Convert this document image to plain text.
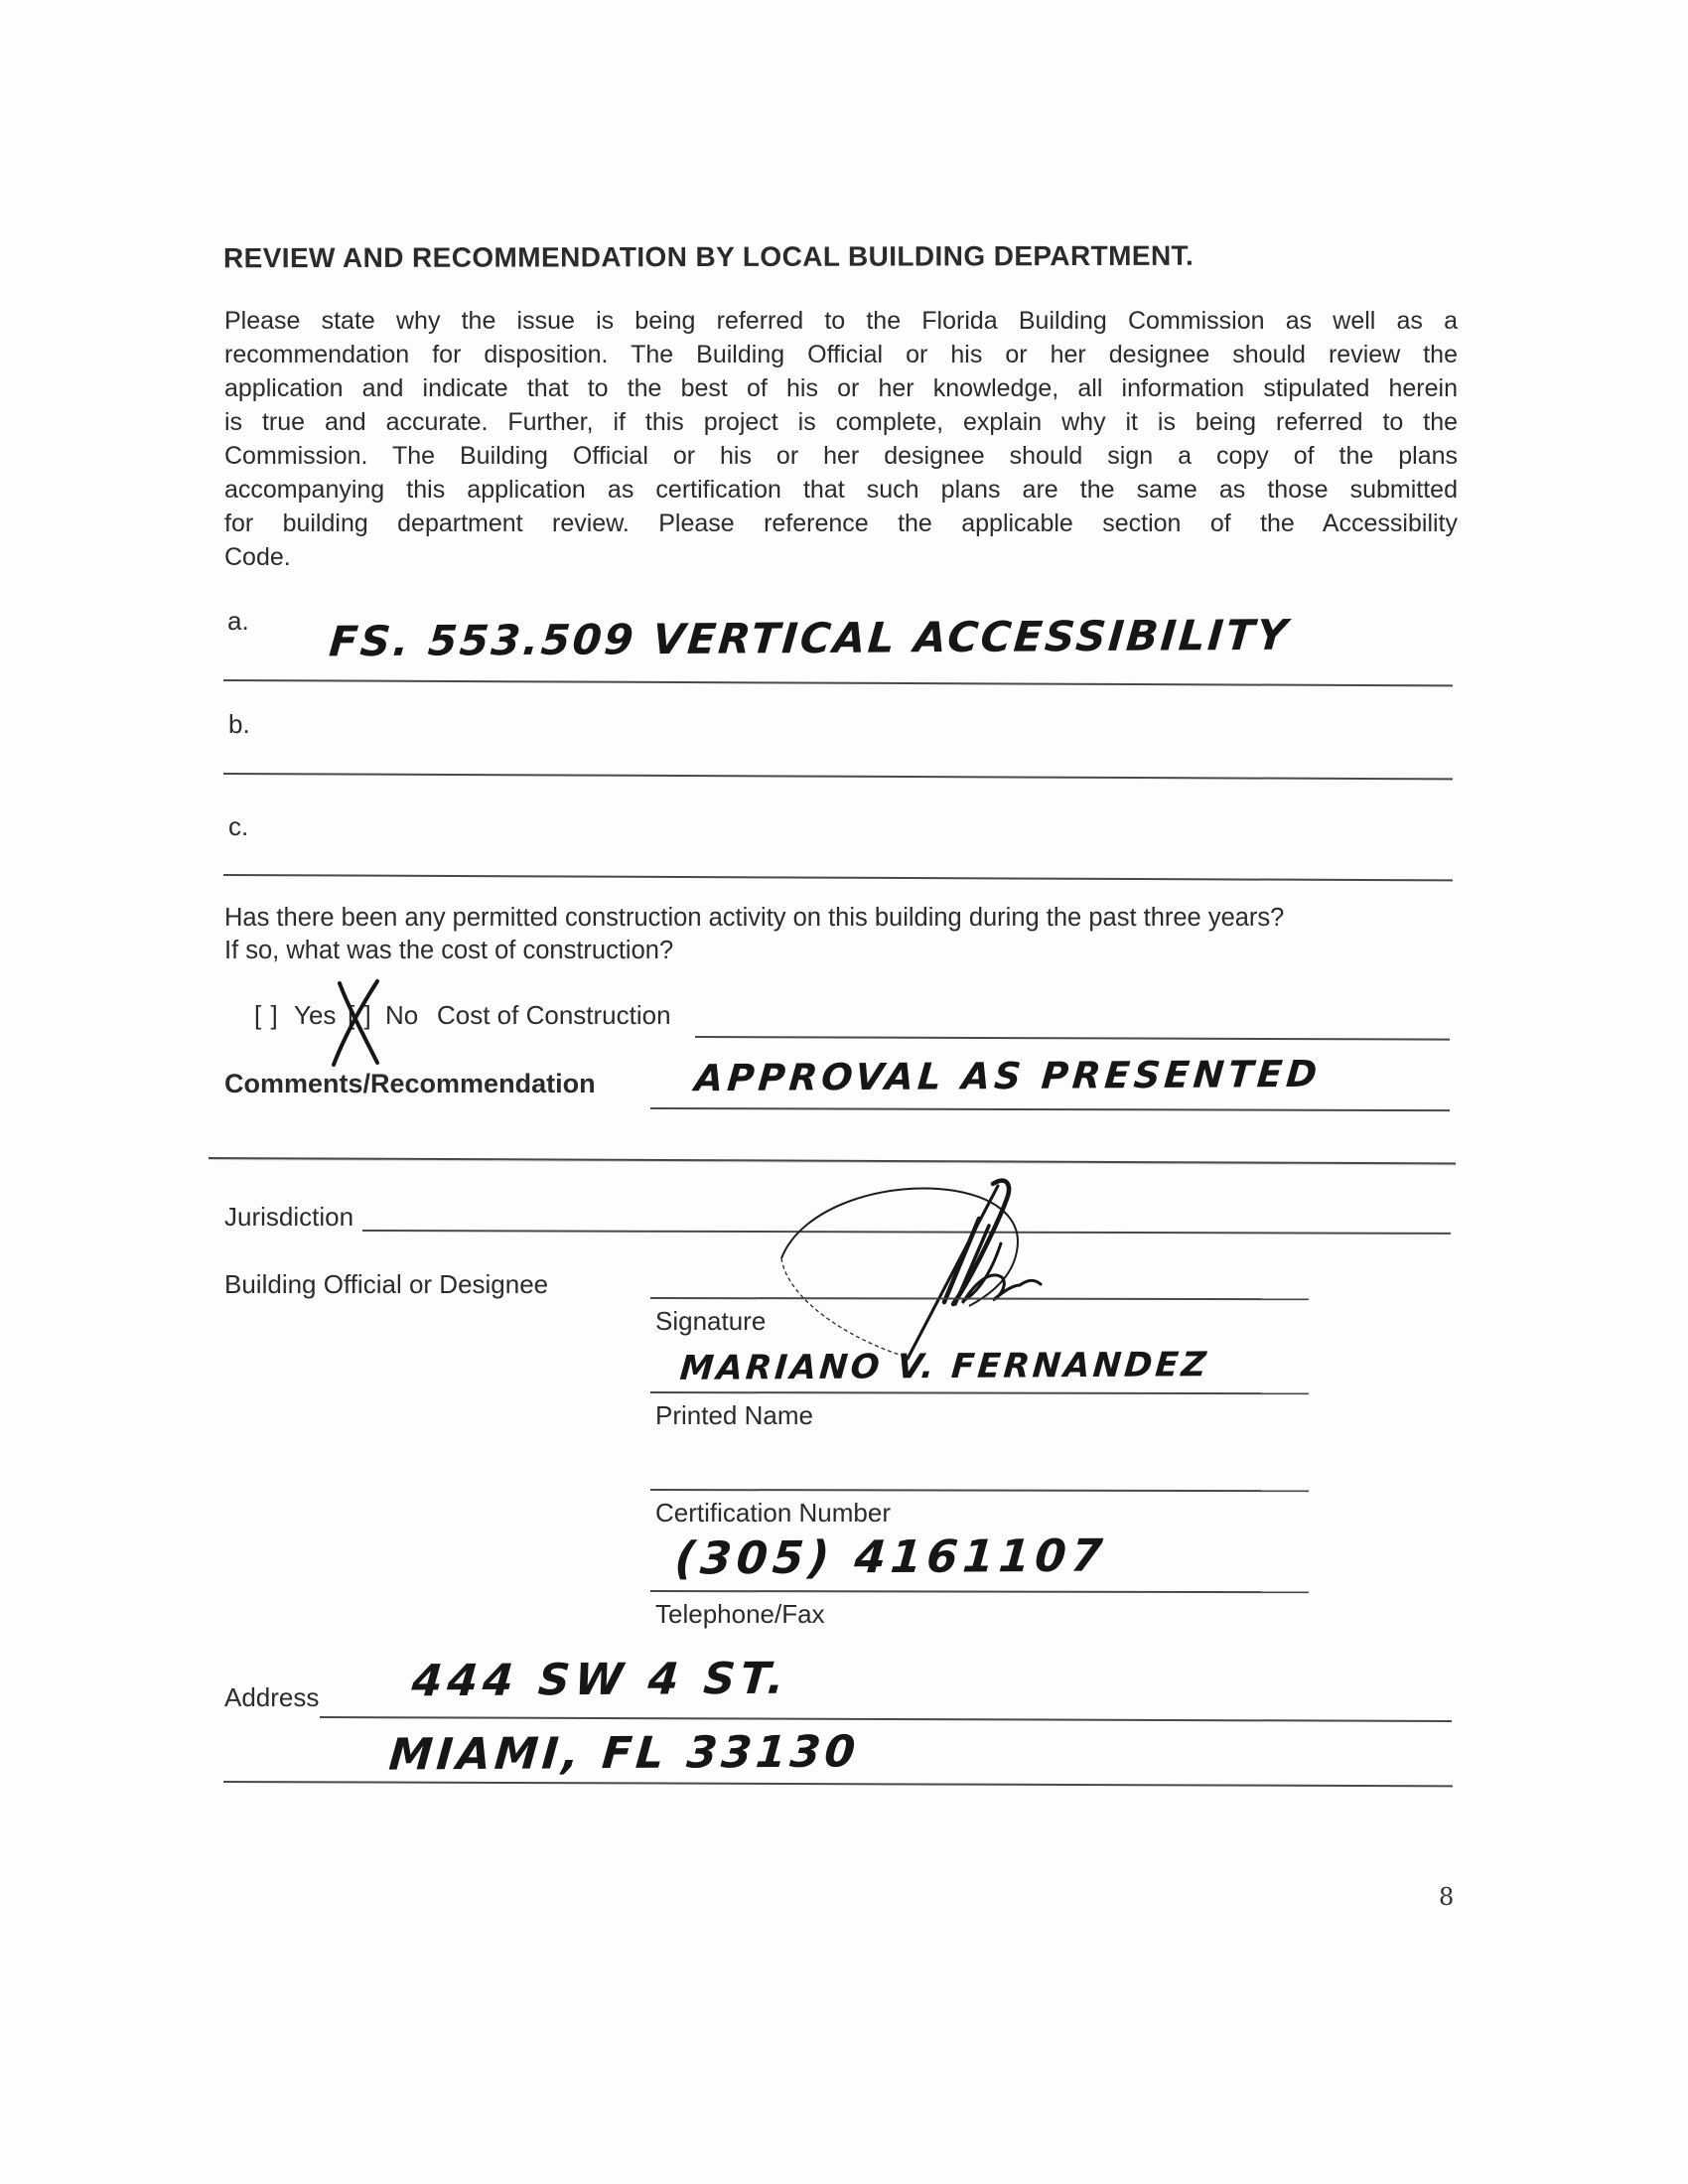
REVIEW AND RECOMMENDATION BY LOCAL BUILDING DEPARTMENT.
Please state why the issue is being referred to the Florida Building Commission as well as a
recommendation for disposition. The Building Official or his or her designee should review the
application and indicate that to the best of his or her knowledge, all information stipulated herein
is true and accurate. Further, if this project is complete, explain why it is being referred to the
Commission. The Building Official or his or her designee should sign a copy of the plans
accompanying this application as certification that such plans are the same as those submitted
for building department review. Please reference the applicable section of the Accessibility
Code.
a. FS. 553.509 VERTICAL ACCESSIBILITY
b.
c.
Has there been any permitted construction activity on this building during the past three years?
If so, what was the cost of construction?
[ ] Yes [ ] No Cost of Construction
Comments/Recommendation	APPROVAL AS PRESENTED
Jurisdiction
Building Official or Designee
Signature
MARIANO V. FERNANDEZ
Printed Name
Certification Number
(305) 4161107
Telephone/Fax
Address 444 SW 4 ST.
MIAMI, FL 33130
8
